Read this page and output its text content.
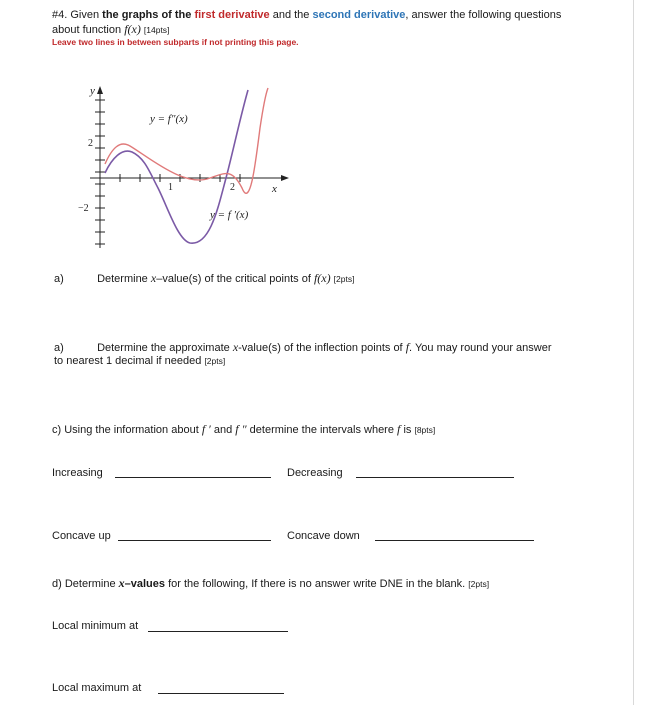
#4. Given the graphs of the first derivative and the second derivative, answer the following questions
about function f(x) [14pts]
Leave two lines in between subparts if not printing this page.
y
2
−2
x
1	2
y = f″(x)
y = f ′(x)
a)	Determine x–value(s) of the critical points of f(x) [2pts]
a)	Determine the approximate x-value(s) of the inflection points of f. You may round your answer
to nearest 1 decimal if needed [2pts]
c) Using the information about f ′ and f ″ determine the intervals where f is [8pts]
Increasing	Decreasing
Concave up	Concave down
d) Determine x–values for the following, If there is no answer write DNE in the blank. [2pts]
Local minimum at
Local maximum at
